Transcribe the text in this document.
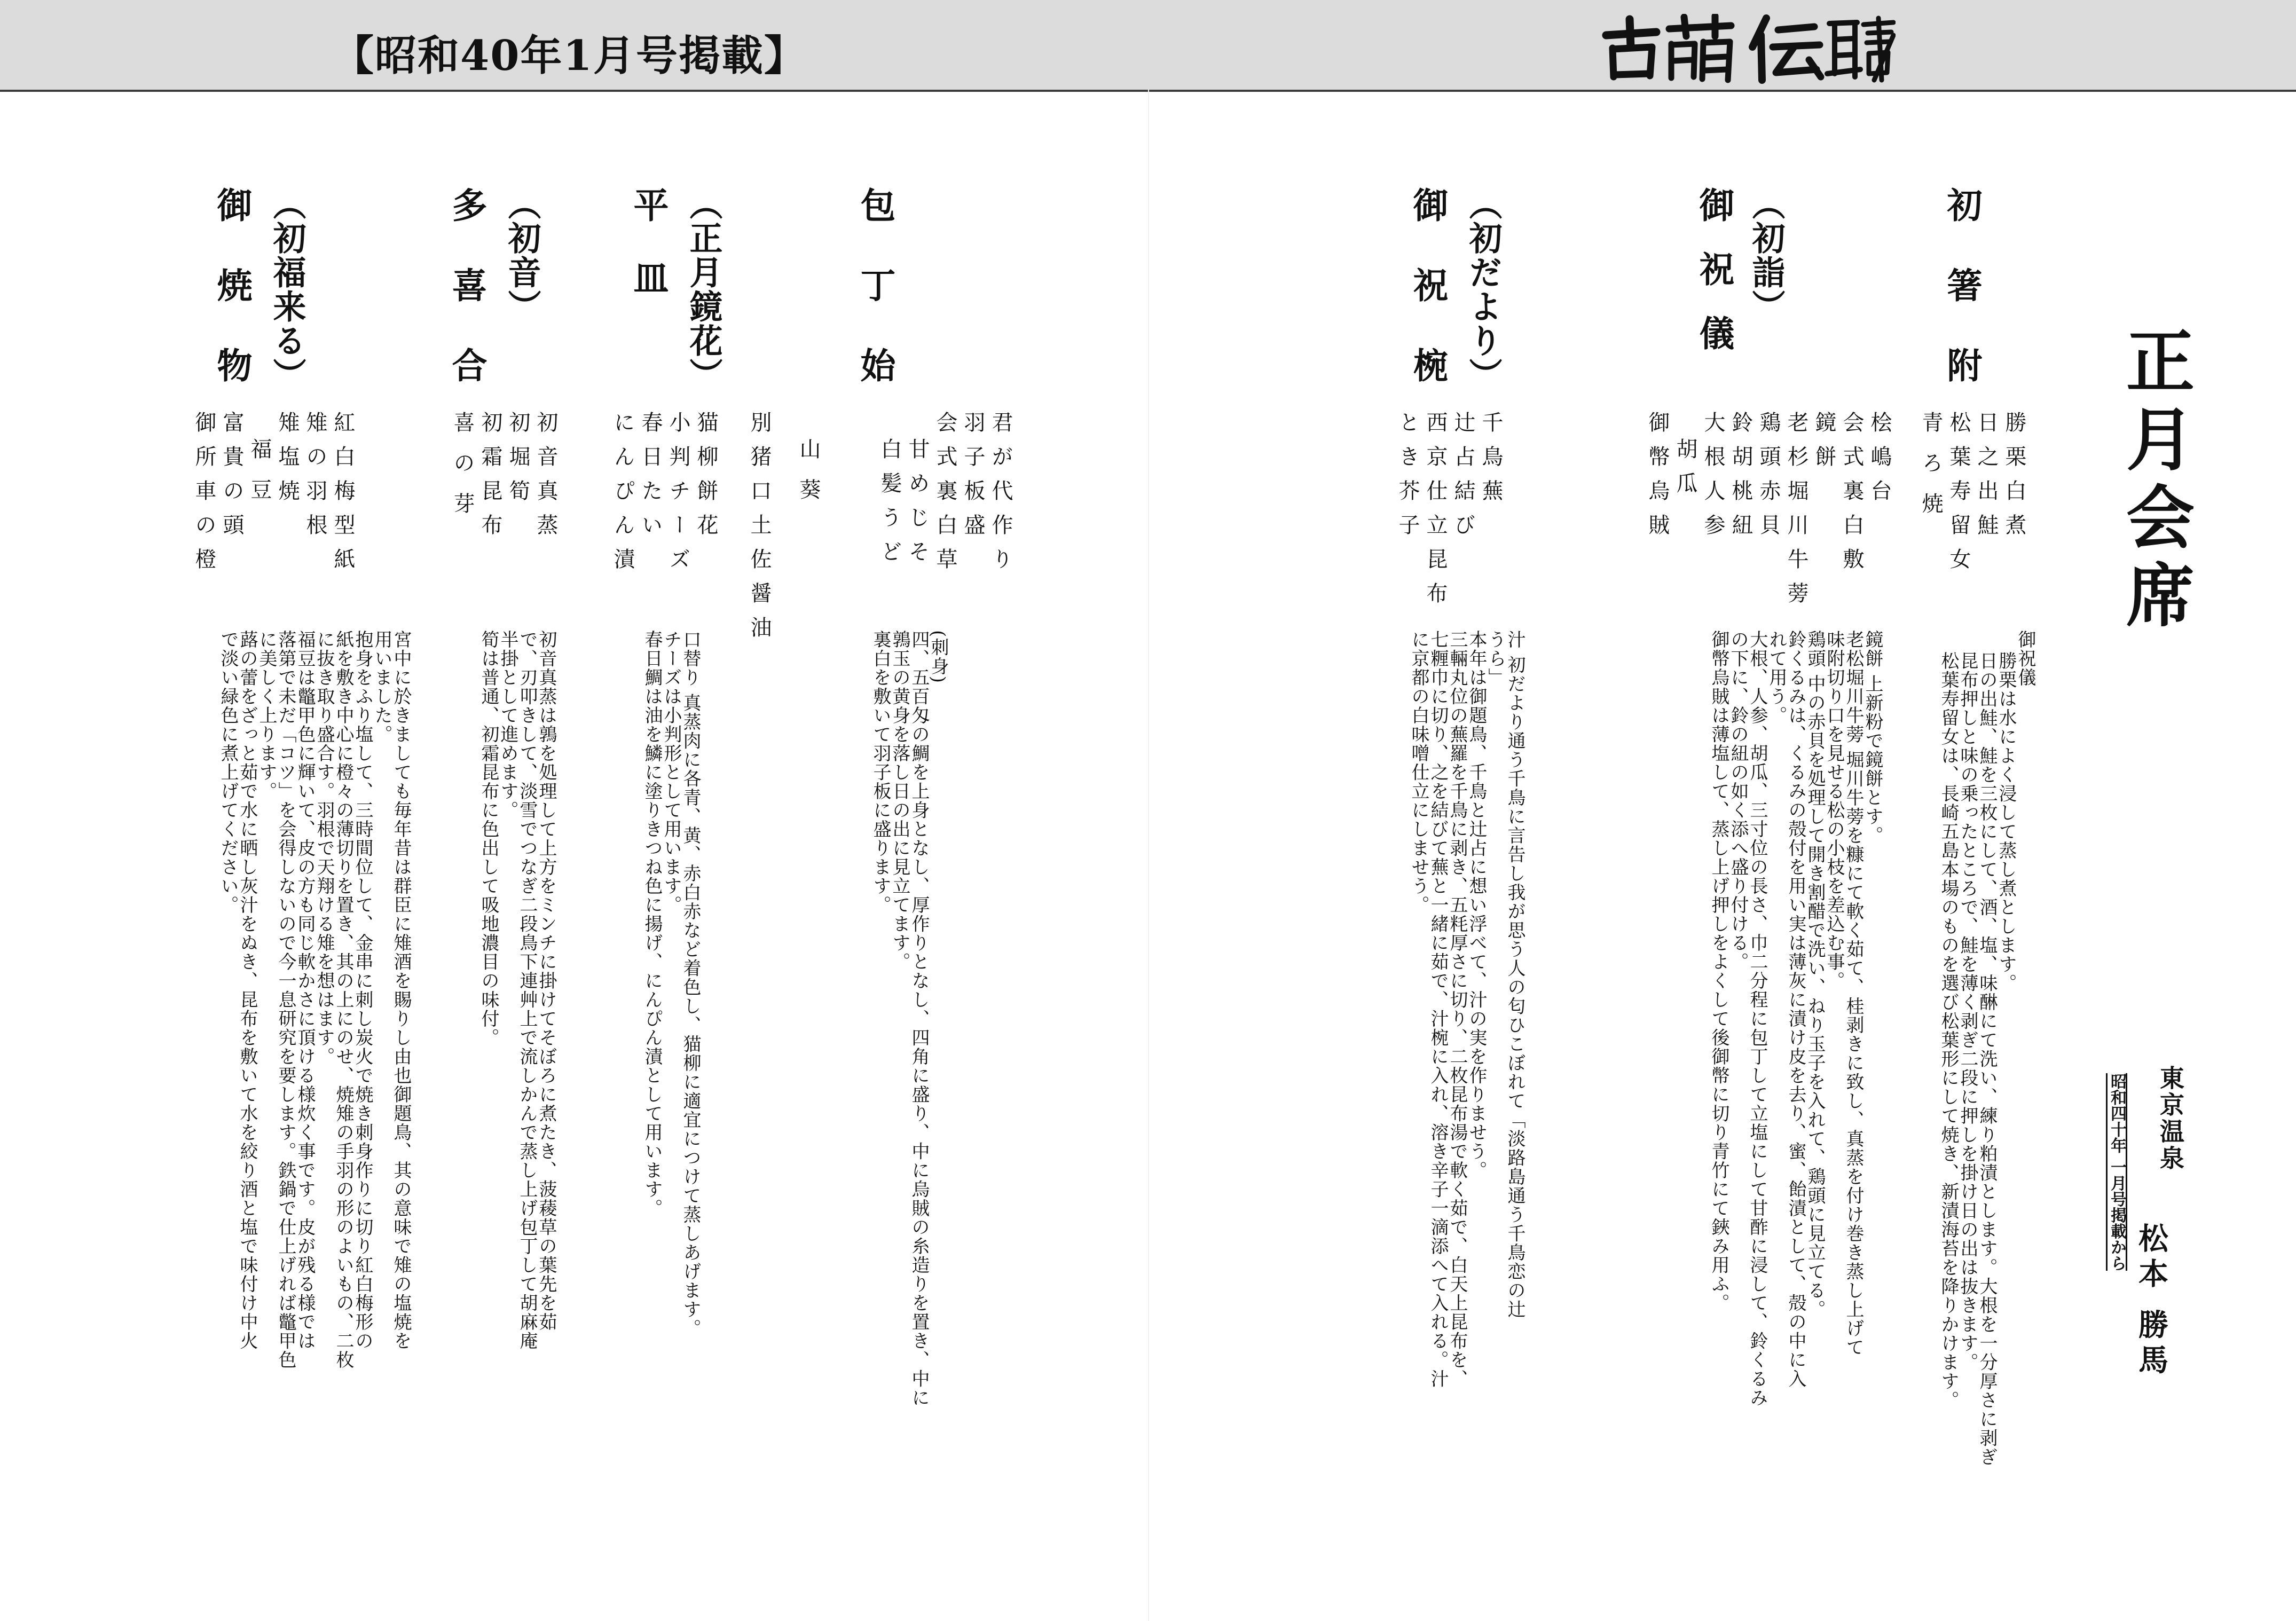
【昭和40年1月号掲載】
正月会席
松本 勝馬
東京温泉
昭和四十年 一月号掲載から
初箸附
勝栗白煮
日之出鮭
松葉寿留女
青ろ焼
御祝儀
勝栗は水によく浸して蒸し煮とします。
日の出鮭、鮭を三枚にして、酒、塩、味醂にて洗い、練り粕漬とします。大根を一分厚さに剥ぎ
昆布押しと味の乗ったところで、鮭を薄く剥ぎ二段に押しを掛け日の出は抜きます。
松葉寿留女は、長崎五島本場のものを選び松葉形にして焼き、新漬海苔を降りかけます。
（初詣）
御祝儀
桧嶋台
会式裏白敷
鏡餅
老杉堀川牛蒡
鶏頭赤貝
鈴胡桃紐
大根人参
胡瓜
御幣烏賊
鏡餅 上新粉で鏡餅とす。
老松堀川牛蒡 堀川牛蒡を糠にて軟く茹て、桂剥きに致し、真蒸を付け巻き蒸し上げて
味附切り口を見せる松の小枝を差込む事。
鶏頭 中の赤貝を処理して開き割醋で洗い、ねり玉子を入れて、鶏頭に見立てる。
鈴くるみは、くるみの殻付を用い実は薄灰に漬け皮を去り、蜜、飴漬として、殻の中に入
れて用う。
大根、人参、胡瓜、三寸位の長さ、巾二分程に包丁して立塩にして甘酢に浸して、鈴くるみ
の下に、鈴の紐の如く添へ盛り付ける。
御幣烏賊は薄塩して、蒸し上げ押しをよくして後御幣に切り青竹にて鋏み用ふ。
（初だより）
御祝椀
千鳥蕪
辻占結び
西京仕立昆布
とき芥子
汁 初だより通う千鳥に言告し我が思う人の匂ひこぼれて「淡路島通う千鳥恋の辻
うら」
本年は御題鳥、千鳥と辻占に想い浮べて、汁の実を作りませう。
三輛丸位の蕪羅を千鳥に剥き、五粍厚さに切り、二枚昆布湯で軟く茹で、白天上昆布を、
七糎巾に切り、之を結びて蕪と一緒に茹で、汁椀に入れ、溶き辛子一滴添へて入れる。汁
に京都の白味噌仕立にしませう。
包丁始
君が代作り
羽子板盛
会式裏白草
甘めじそ
白髪うど
山葵
別猪口土佐醤油
(刺身)
四、五百匁の鯛を上身となし、厚作りとなし、四角に盛り、中に烏賊の糸造りを置き、中に
鶉玉の黄身を落し日の出に見立てます。
裏白を敷いて羽子板に盛ります。
（正月鏡花）
平皿
猫柳餅花
小判チーズ
春日たい
にんぴん漬
口替り 真蒸肉に各青、黄、赤白赤など着色し、猫柳に適宜につけて蒸しあげます。
チーズは小判形として用います。
春日鯛は油を鱗に塗りきつね色に揚げ、にんぴん漬として用います。
（初音）
多喜合
初音真蒸
初堀筍
初霜昆布
喜の芽
初音真蒸は鶉を処理して上方をミンチに掛けてそぼろに煮たき、菠薐草の葉先を茹
で、刃叩きして、淡雪でつなぎ二段鳥下連艸上で流しかんで蒸し上げ包丁して胡麻庵
半掛として進めます。
筍は普通、初霜昆布に色出して吸地濃目の味付。
（初福来る）
御焼物
紅白梅型紙
雉の羽根
雉塩焼
福豆
富貴の頭
御所車の橙
宮中に於きましても毎年昔は群臣に雉酒を賜りし由也御題鳥、其の意味で雉の塩焼を
用いました。
抱身をふり塩して、三時間位して、金串に刺し炭火で焼き刺身作りに切り紅白梅形の
紙を敷き中心に橙々の薄切りを置き、其の上にのせ、焼雉の手羽の形のよいもの、二枚
に抜き取り盛合す。羽根で天翔ける雉を想はます。
福豆は鼈甲色に輝いて、皮の方も同じ軟かさに頂ける様炊く事です。皮が残る様では
落第で未だ「コツ」を会得しないので今一息研究を要します。鉄鍋で仕上げれば鼈甲色
に美しく上ります。
蕗の蕾をざっと茹で水に晒し灰汁をぬき、昆布を敷いて水を絞り酒と塩で味付け中火
で淡い緑色に煮上げてください。
